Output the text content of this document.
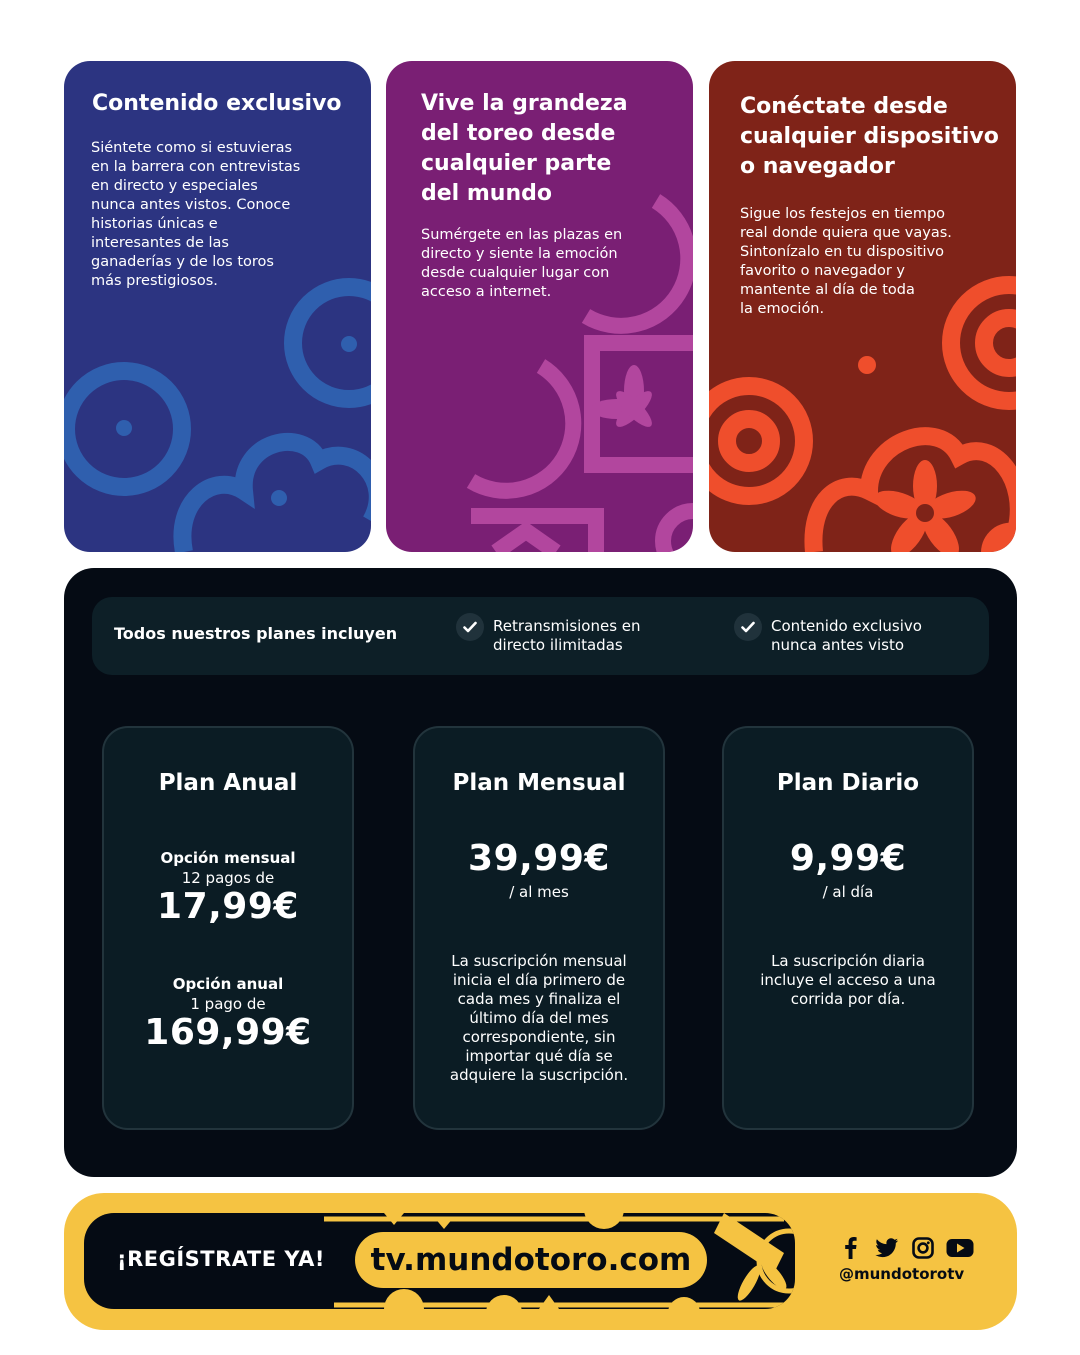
Contenido exclusivo

Siéntete como si estuvieras
en la barrera con entrevistas
en directo y especiales
nunca antes vistos. Conoce
historias únicas e
interesantes de las
ganaderías y de los toros
más prestigiosos.

Vive la grandeza
del toreo desde
cualquier parte
del mundo

Sumérgete en las plazas en
directo y siente la emoción
desde cualquier lugar con
acceso a internet.

Conéctate desde
cualquier dispositivo
o navegador

Sigue los festejos en tiempo
real donde quiera que vayas.
Sintonízalo en tu dispositivo
favorito o navegador y
mantente al día de toda
la emoción.

Todos nuestros planes incluyen	Retransmisiones en
directo ilimitadas
Contenido exclusivo
nunca antes visto
Plan Anual
Opción mensual
12 pagos de
17,99€
Opción anual
1 pago de
169,99€
Plan Mensual
39,99€
/ al mes
La suscripción mensual
inicia el día primero de
cada mes y finaliza el
último día del mes
correspondiente, sin
importar qué día se
adquiere la suscripción.
Plan Diario
9,99€
/ al día
La suscripción diaria
incluye el acceso a una
corrida por día.
¡REGÍSTRATE YA!	tv.mundotoro.com	@mundotorotv
